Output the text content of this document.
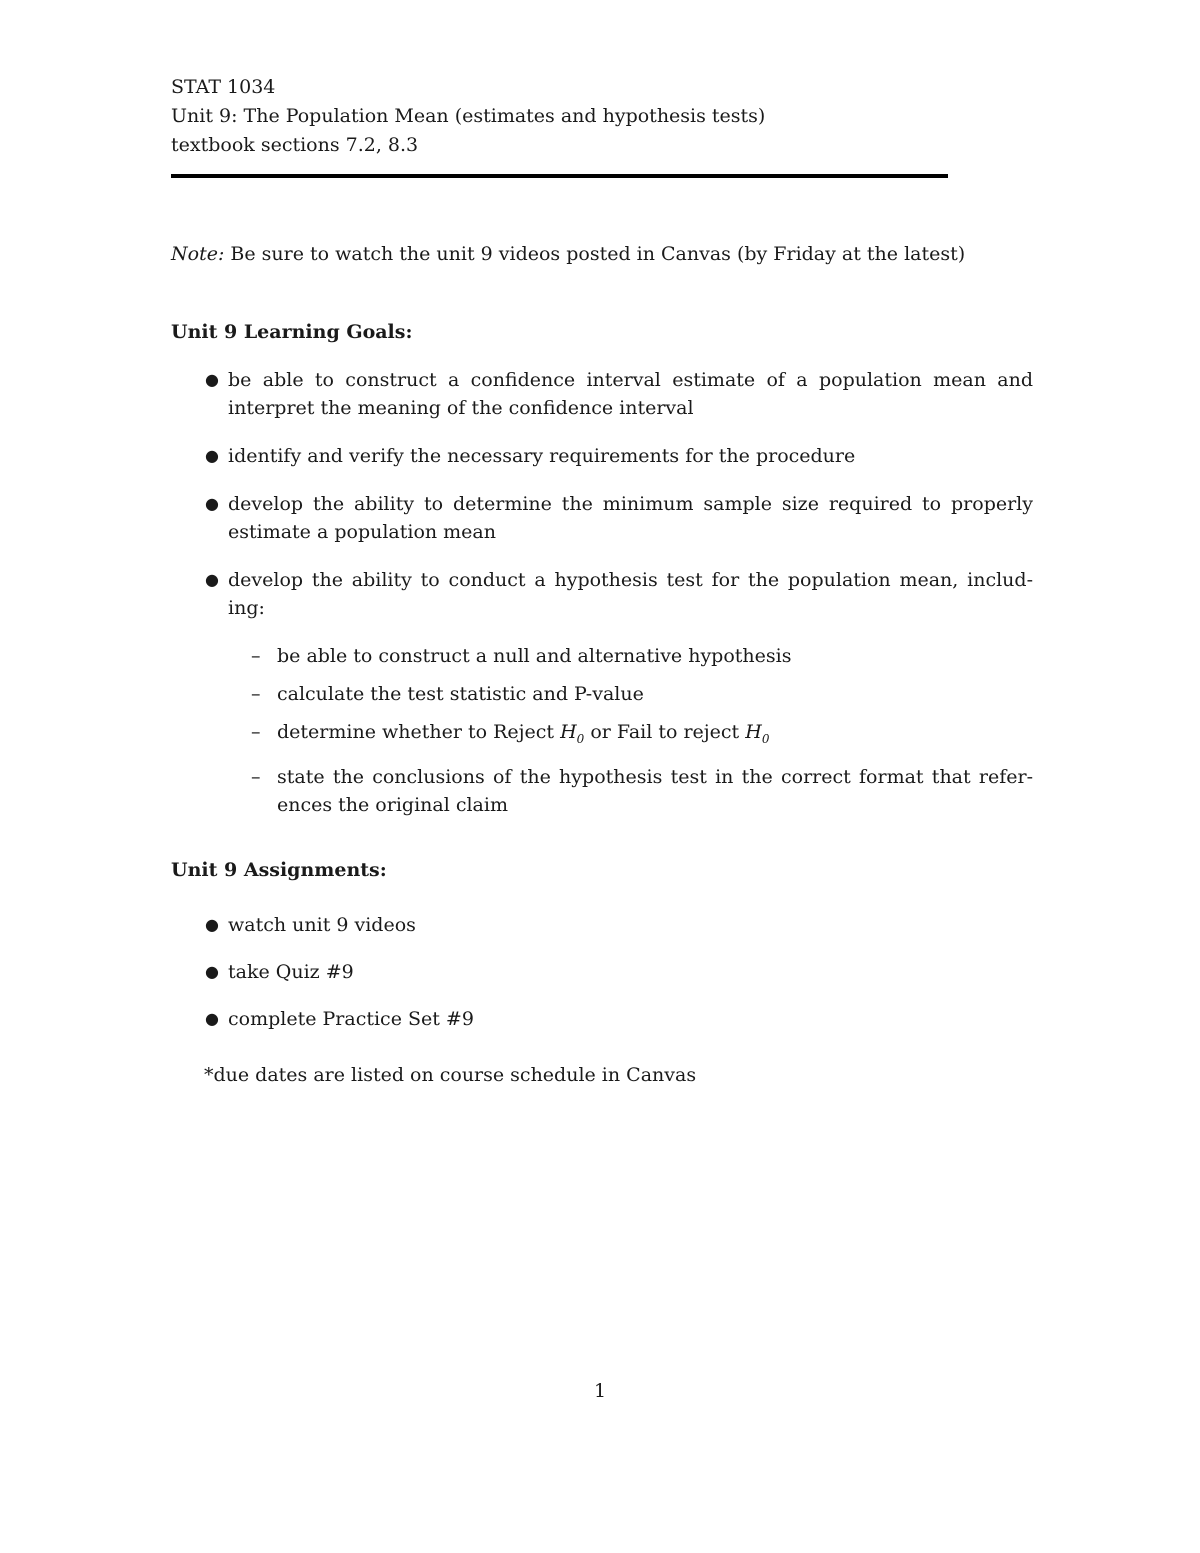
STAT 1034
Unit 9: The Population Mean (estimates and hypothesis tests)
textbook sections 7.2, 8.3
Note: Be sure to watch the unit 9 videos posted in Canvas (by Friday at the latest)
Unit 9 Learning Goals:
● be able to construct a confidence interval estimate of a population mean and interpret the meaning of the confidence interval
● identify and verify the necessary requirements for the procedure
● develop the ability to determine the minimum sample size required to properly estimate a population mean
● develop the ability to conduct a hypothesis test for the population mean, includ- ing:
– be able to construct a null and alternative hypothesis
– calculate the test statistic and P-value
– determine whether to Reject $H_0$ or Fail to reject $H_0$
– state the conclusions of the hypothesis test in the correct format that refer- ences the original claim
Unit 9 Assignments:
● watch unit 9 videos
● take Quiz #9
● complete Practice Set #9
*due dates are listed on course schedule in Canvas
1
